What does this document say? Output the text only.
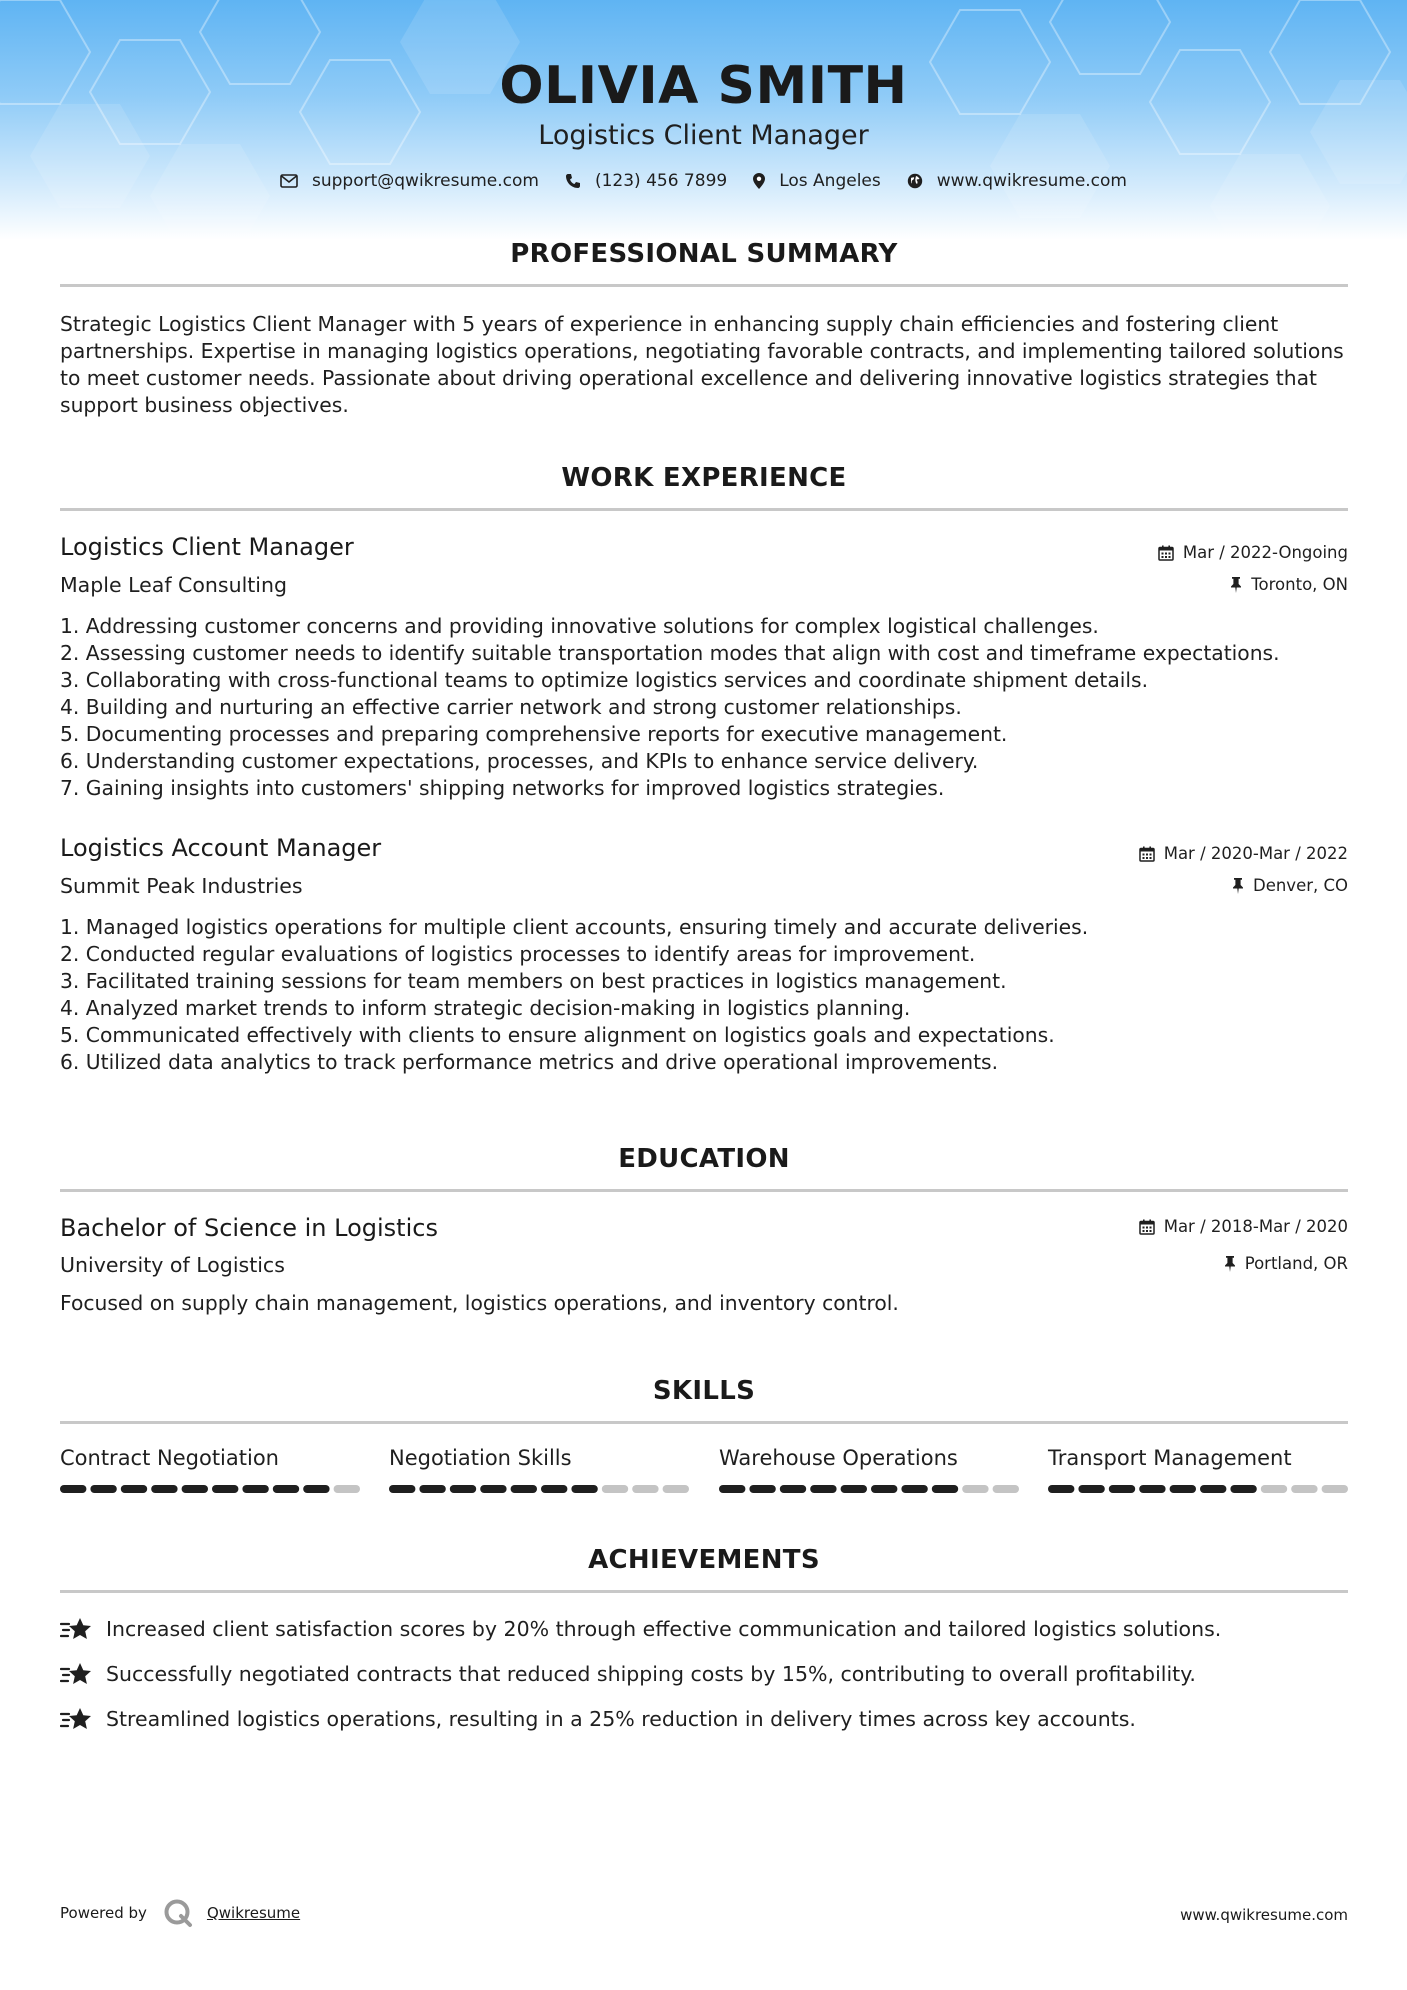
OLIVIA SMITH
Logistics Client Manager
support@qwikresume.com	(123) 456 7899	Los Angeles	www.qwikresume.com
PROFESSIONAL SUMMARY
Strategic Logistics Client Manager with 5 years of experience in enhancing supply chain efficiencies and fostering client partnerships. Expertise in managing logistics operations, negotiating favorable contracts, and implementing tailored solutions to meet customer needs. Passionate about driving operational excellence and delivering innovative logistics strategies that support business objectives.
WORK EXPERIENCE
Logistics Client Manager	Mar / 2022-Ongoing
Maple Leaf Consulting	Toronto, ON
1. Addressing customer concerns and providing innovative solutions for complex logistical challenges.
2. Assessing customer needs to identify suitable transportation modes that align with cost and timeframe expectations.
3. Collaborating with cross-functional teams to optimize logistics services and coordinate shipment details.
4. Building and nurturing an effective carrier network and strong customer relationships.
5. Documenting processes and preparing comprehensive reports for executive management.
6. Understanding customer expectations, processes, and KPIs to enhance service delivery.
7. Gaining insights into customers' shipping networks for improved logistics strategies.
Logistics Account Manager	Mar / 2020-Mar / 2022
Summit Peak Industries	Denver, CO
1. Managed logistics operations for multiple client accounts, ensuring timely and accurate deliveries.
2. Conducted regular evaluations of logistics processes to identify areas for improvement.
3. Facilitated training sessions for team members on best practices in logistics management.
4. Analyzed market trends to inform strategic decision-making in logistics planning.
5. Communicated effectively with clients to ensure alignment on logistics goals and expectations.
6. Utilized data analytics to track performance metrics and drive operational improvements.
EDUCATION
Bachelor of Science in Logistics	Mar / 2018-Mar / 2020
University of Logistics	Portland, OR
Focused on supply chain management, logistics operations, and inventory control.
SKILLS
Contract Negotiation	Negotiation Skills	Warehouse Operations	Transport Management
ACHIEVEMENTS
Increased client satisfaction scores by 20% through effective communication and tailored logistics solutions.
Successfully negotiated contracts that reduced shipping costs by 15%, contributing to overall profitability.
Streamlined logistics operations, resulting in a 25% reduction in delivery times across key accounts.
Powered by	Qwikresume	www.qwikresume.com
